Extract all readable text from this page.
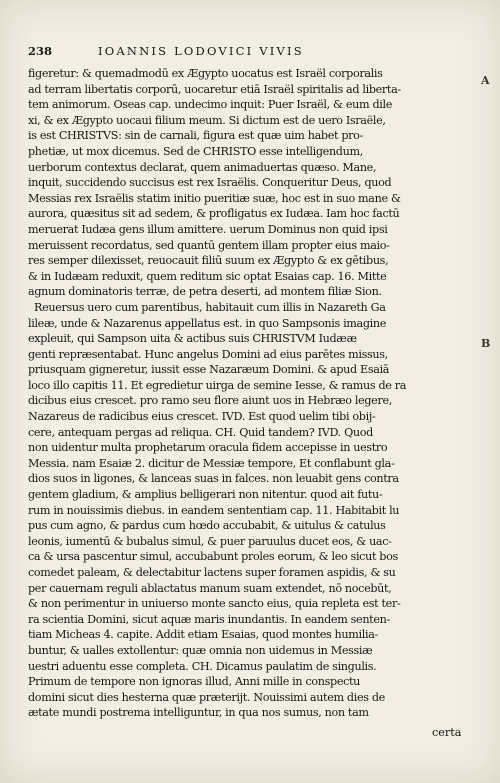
238	IOANNIS LODOVICI VIVIS
figeretur: & quemadmodū ex Ægypto uocatus est Israël corporalis
ad terram libertatis corporū, uocaretur etiā Israël spiritalis ad liberta-
tem animorum. Oseas cap. undecimo inquit: Puer Israël, & eum dile
xi, & ex Ægypto uocaui filium meum. Si dictum est de uero Israële,
is est CHRISTVS: sin de carnali, figura est quæ uim habet pro-
phetiæ, ut mox dicemus. Sed de CHRISTO esse intelligendum,
uerborum contextus declarat, quem animaduertas quæso. Mane,
inquit, succidendo succisus est rex Israëlis. Conqueritur Deus, quod
Messias rex Israëlis statim initio pueritiæ suæ, hoc est in suo mane &
aurora, quæsitus sit ad sedem, & profligatus ex Iudæa. Iam hoc factū
meruerat Iudæa gens illum amittere. uerum Dominus non quid ipsi
meruissent recordatus, sed quantū gentem illam propter eius maio-
res semper dilexisset, reuocauit filiū suum ex Ægypto & ex gētibus,
& in Iudæam reduxit, quem reditum sic optat Esaias cap. 16. Mitte
agnum dominatoris terræ, de petra deserti, ad montem filiæ Sion.
Reuersus uero cum parentibus, habitauit cum illis in Nazareth Ga
lileæ, unde & Nazarenus appellatus est. in quo Sampsonis imagine
expleuit, qui Sampson uita & actibus suis CHRISTVM Iudææ
genti repræsentabat. Hunc angelus Domini ad eius parētes missus,
priusquam gigneretur, iussit esse Nazaræum Domini. & apud Esaiā
loco illo capitis 11. Et egredietur uirga de semine Iesse, & ramus de ra
dicibus eius crescet. pro ramo seu flore aiunt uos in Hebræo legere,
Nazareus de radicibus eius crescet. IVD. Est quod uelim tibi obij-
cere, antequam pergas ad reliqua. CH. Quid tandem? IVD. Quod
non uidentur multa prophetarum oracula fidem accepisse in uestro
Messia. nam Esaiæ 2. dicitur de Messiæ tempore, Et conflabunt gla-
dios suos in ligones, & lanceas suas in falces. non leuabit gens contra
gentem gladium, & amplius belligerari non nitentur. quod ait futu-
rum in nouissimis diebus. in eandem sententiam cap. 11. Habitabit lu
pus cum agno, & pardus cum hœdo accubabit, & uitulus & catulus
leonis, iumentū & bubalus simul, & puer paruulus ducet eos, & uac-
ca & ursa pascentur simul, accubabunt proles eorum, & leo sicut bos
comedet paleam, & delectabitur lactens super foramen aspidis, & su
per cauernam reguli ablactatus manum suam extendet, nō nocebūt,
& non perimentur in uniuerso monte sancto eius, quia repleta est ter-
ra scientia Domini, sicut aquæ maris inundantis. In eandem senten-
tiam Micheas 4. capite. Addit etiam Esaias, quod montes humilia-
buntur, & ualles extollentur: quæ omnia non uidemus in Messiæ
uestri aduentu esse completa. CH. Dicamus paulatim de singulis.
Primum de tempore non ignoras illud, Anni mille in conspectu
domini sicut dies hesterna quæ præterijt. Nouissimi autem dies de
ætate mundi postrema intelliguntur, in qua nos sumus, non tam
A
B
certa
